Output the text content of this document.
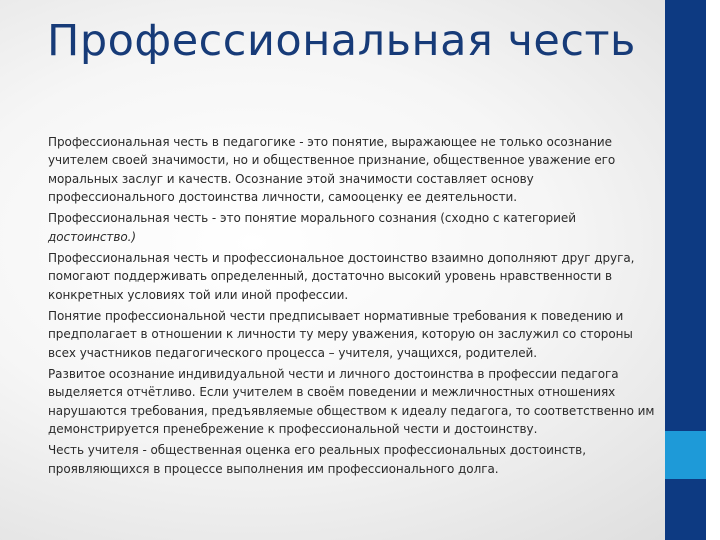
Профессиональная честь
Профессиональная честь в педагогике - это понятие, выражающее не только осознание учителем своей значимости, но и общественное признание, общественное уважение его моральных заслуг и качеств. Осознание этой значимости составляет основу профессионального достоинства личности, самооценку ее деятельности.
Профессиональная честь - это понятие морального сознания (сходно с категорией достоинство.)
Профессиональная честь и профессиональное достоинство взаимно дополняют друг друга, помогают поддерживать определенный, достаточно высокий уровень нравственности в конкретных условиях той или иной профессии.
Понятие профессиональной чести предписывает нормативные требования к поведению и предполагает в отношении к личности ту меру уважения, которую он заслужил со стороны всех участников педагогического процесса – учителя, учащихся, родителей.
Развитое осознание индивидуальной чести и личного достоинства в профессии педагога выделяется отчётливо. Если учителем в своём поведении и межличностных отношениях нарушаются требования, предъявляемые обществом к идеалу педагога, то соответственно им демонстрируется пренебрежение к профессиональной чести и достоинству.
Честь учителя - общественная оценка его реальных профессиональных достоинств, проявляющихся в процессе выполнения им профессионального долга.
